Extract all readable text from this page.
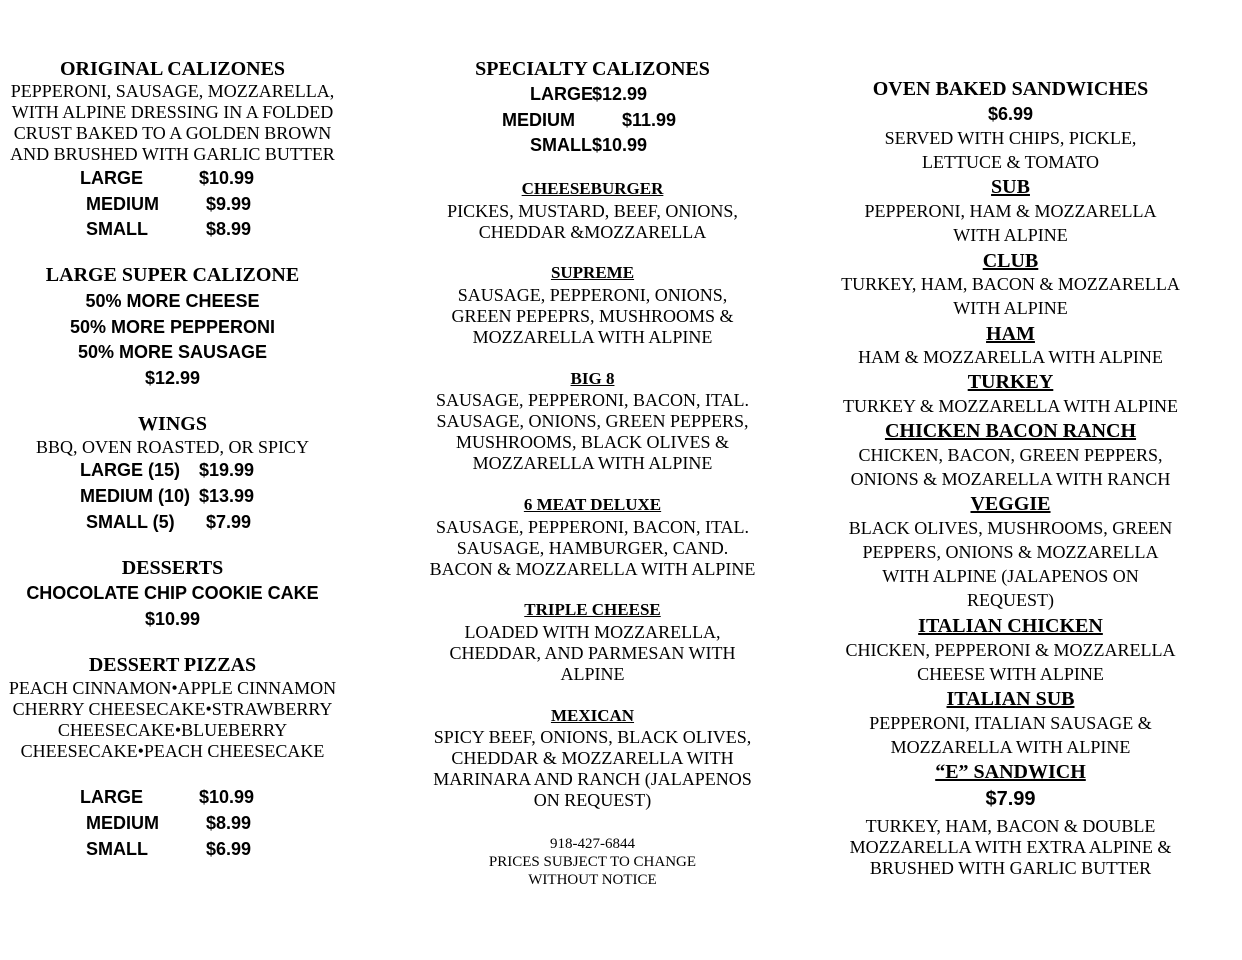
ORIGINAL CALIZONES
PEPPERONI, SAUSAGE, MOZZARELLA,
WITH ALPINE DRESSING IN A FOLDED
CRUST BAKED TO A GOLDEN BROWN
AND BRUSHED WITH GARLIC BUTTER
LARGE	$10.99
MEDIUM	$9.99
SMALL	$8.99
LARGE SUPER CALIZONE
50% MORE CHEESE
50% MORE PEPPERONI
50% MORE SAUSAGE
$12.99
WINGS
BBQ, OVEN ROASTED, OR SPICY
LARGE (15) $19.99
MEDIUM (10) $13.99
SMALL (5) $7.99
DESSERTS
CHOCOLATE CHIP COOKIE CAKE
$10.99
DESSERT PIZZAS
PEACH CINNAMON•APPLE CINNAMON
CHERRY CHEESECAKE•STRAWBERRY
CHEESECAKE•BLUEBERRY
CHEESECAKE•PEACH CHEESECAKE
LARGE	$10.99
MEDIUM	$8.99
SMALL	$6.99
SPECIALTY CALIZONES
LARGE $12.99
MEDIUM	$11.99
SMALL $10.99
CHEESEBURGER
PICKES, MUSTARD, BEEF, ONIONS,
CHEDDAR &MOZZARELLA
SUPREME
SAUSAGE, PEPPERONI, ONIONS,
GREEN PEPEPRS, MUSHROOMS &
MOZZARELLA WITH ALPINE
BIG 8
SAUSAGE, PEPPERONI, BACON, ITAL.
SAUSAGE, ONIONS, GREEN PEPPERS,
MUSHROOMS, BLACK OLIVES &
MOZZARELLA WITH ALPINE
6 MEAT DELUXE
SAUSAGE, PEPPERONI, BACON, ITAL.
SAUSAGE, HAMBURGER, CAND.
BACON & MOZZARELLA WITH ALPINE
TRIPLE CHEESE
LOADED WITH MOZZARELLA,
CHEDDAR, AND PARMESAN WITH
ALPINE
MEXICAN
SPICY BEEF, ONIONS, BLACK OLIVES,
CHEDDAR & MOZZARELLA WITH
MARINARA AND RANCH (JALAPENOS
ON REQUEST)
918-427-6844
PRICES SUBJECT TO CHANGE
WITHOUT NOTICE
OVEN BAKED SANDWICHES
$6.99
SERVED WITH CHIPS, PICKLE,
LETTUCE & TOMATO
SUB
PEPPERONI, HAM & MOZZARELLA
WITH ALPINE
CLUB
TURKEY, HAM, BACON & MOZZARELLA
WITH ALPINE
HAM
HAM & MOZZARELLA WITH ALPINE
TURKEY
TURKEY & MOZZARELLA WITH ALPINE
CHICKEN BACON RANCH
CHICKEN, BACON, GREEN PEPPERS,
ONIONS & MOZARELLA WITH RANCH
VEGGIE
BLACK OLIVES, MUSHROOMS, GREEN
PEPPERS, ONIONS & MOZZARELLA
WITH ALPINE (JALAPENOS ON
REQUEST)
ITALIAN CHICKEN
CHICKEN, PEPPERONI & MOZZARELLA
CHEESE WITH ALPINE
ITALIAN SUB
PEPPERONI, ITALIAN SAUSAGE &
MOZZARELLA WITH ALPINE
“E” SANDWICH
$7.99
TURKEY, HAM, BACON & DOUBLE
MOZZARELLA WITH EXTRA ALPINE &
BRUSHED WITH GARLIC BUTTER
